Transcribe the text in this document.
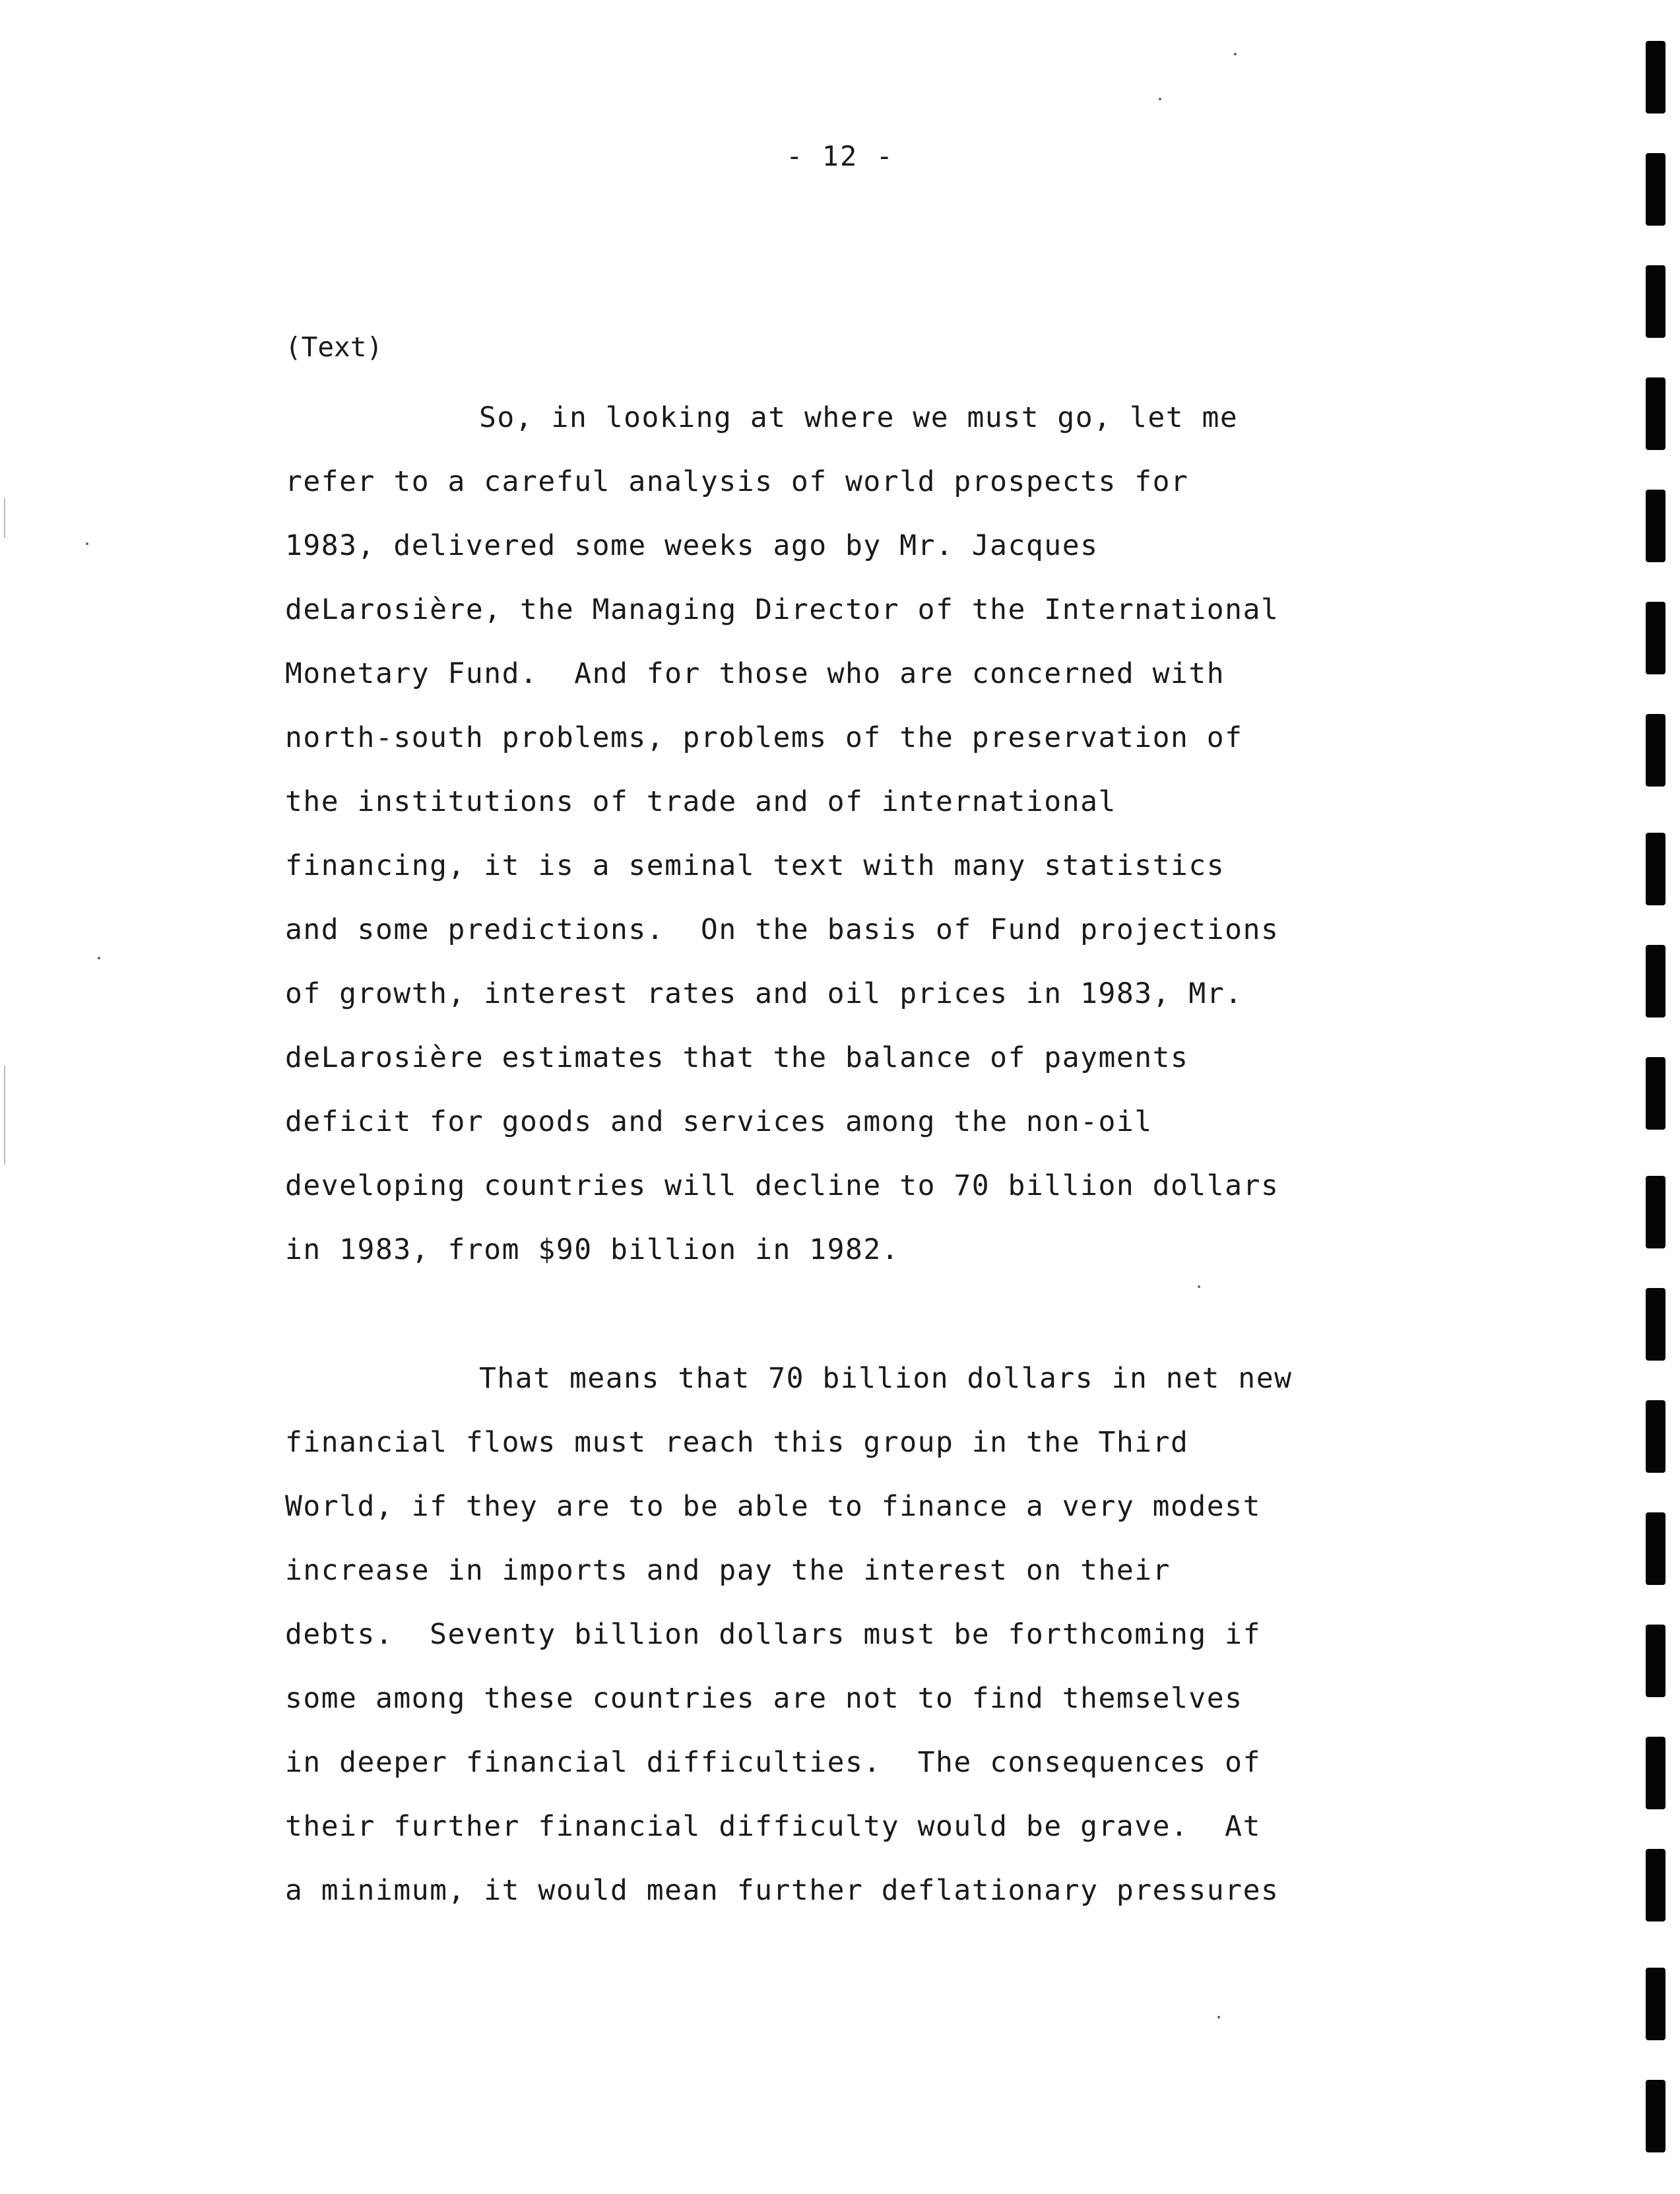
- 12 -
(Text)
So, in looking at where we must go, let me
refer to a careful analysis of world prospects for
1983, delivered some weeks ago by Mr. Jacques
deLarosière, the Managing Director of the International
Monetary Fund.  And for those who are concerned with
north-south problems, problems of the preservation of
the institutions of trade and of international
financing, it is a seminal text with many statistics
and some predictions.  On the basis of Fund projections
of growth, interest rates and oil prices in 1983, Mr.
deLarosière estimates that the balance of payments
deficit for goods and services among the non-oil
developing countries will decline to 70 billion dollars
in 1983, from $90 billion in 1982.
That means that 70 billion dollars in net new
financial flows must reach this group in the Third
World, if they are to be able to finance a very modest
increase in imports and pay the interest on their
debts.  Seventy billion dollars must be forthcoming if
some among these countries are not to find themselves
in deeper financial difficulties.  The consequences of
their further financial difficulty would be grave.  At
a minimum, it would mean further deflationary pressures
